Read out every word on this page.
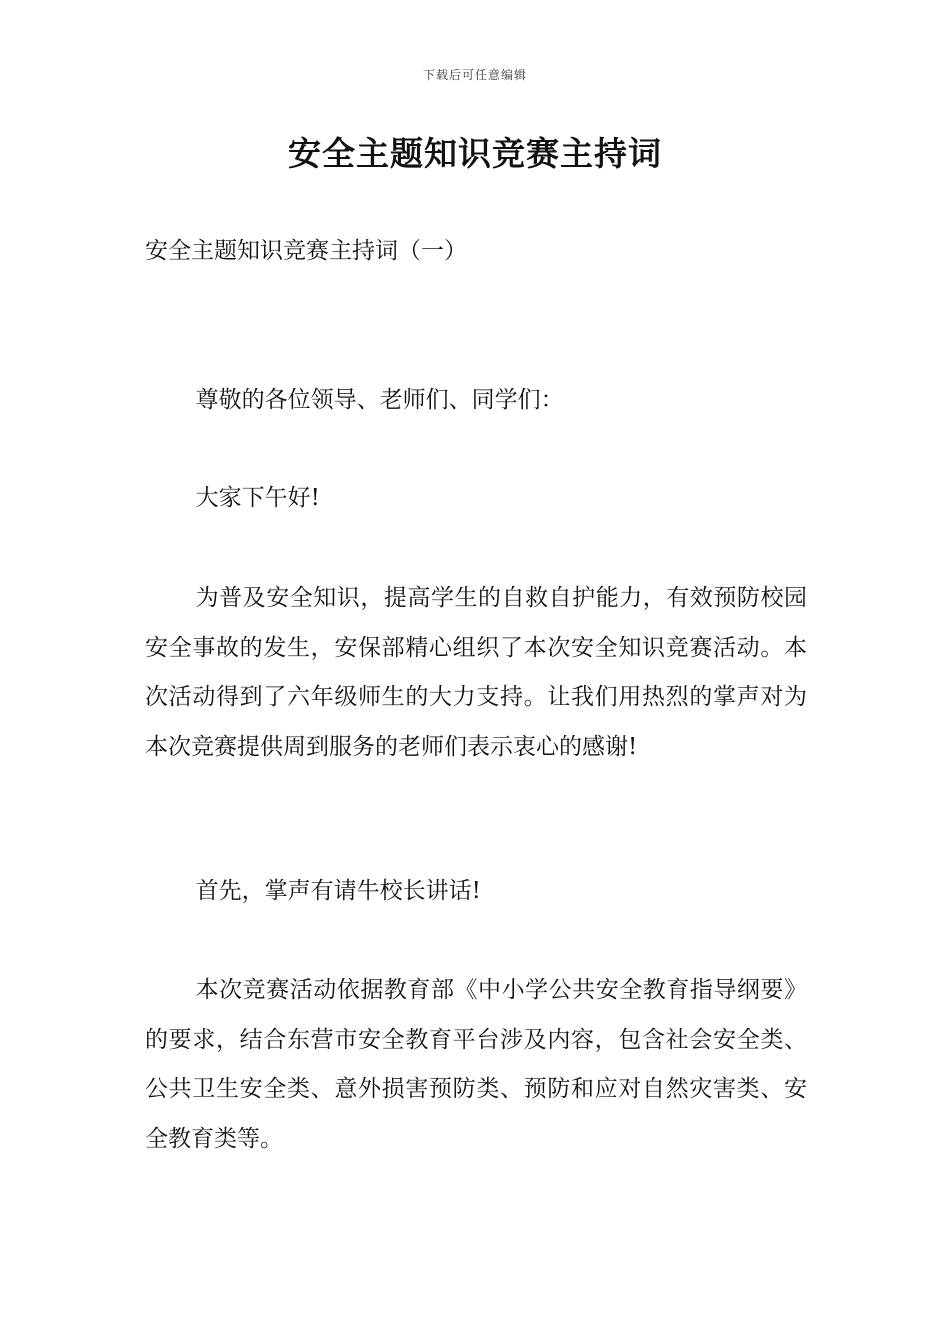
下载后可任意编辑
安全主题知识竞赛主持词

安全主题知识竞赛主持词（一）

尊敬的各位领导、老师们、同学们：

大家下午好!

为普及安全知识，提高学生的自救自护能力，有效预防校园安全事故的发生，安保部精心组织了本次安全知识竞赛活动。本次活动得到了六年级师生的大力支持。让我们用热烈的掌声对为本次竞赛提供周到服务的老师们表示衷心的感谢!

首先，掌声有请牛校长讲话!

本次竞赛活动依据教育部《中小学公共安全教育指导纲要》的要求，结合东营市安全教育平台涉及内容，包含社会安全类、公共卫生安全类、意外损害预防类、预防和应对自然灾害类、安全教育类等。
